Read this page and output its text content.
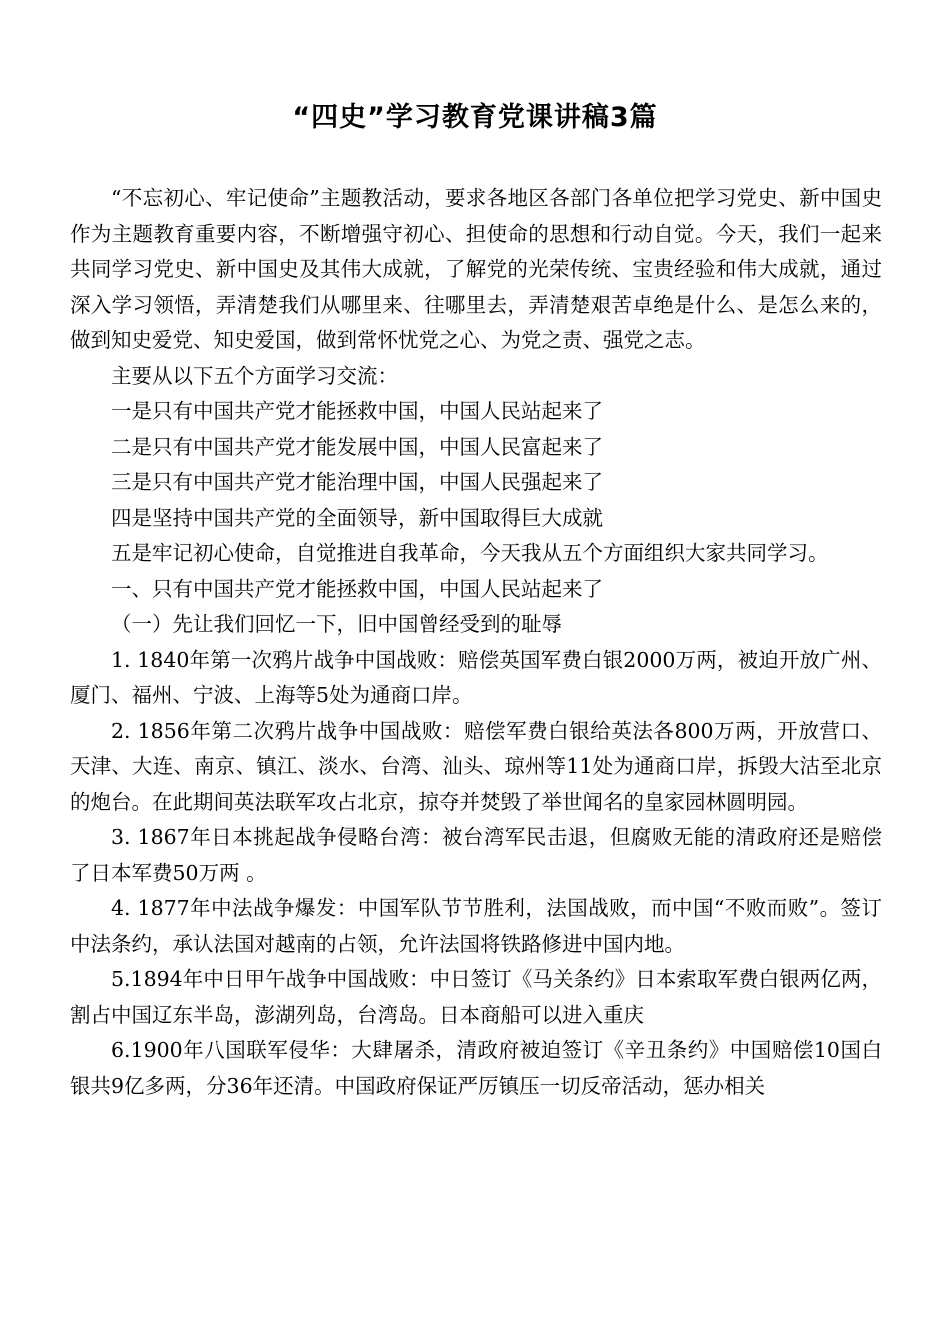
“四史”学习教育党课讲稿3篇

“不忘初心、牢记使命”主题教活动，要求各地区各部门各单位把学习党史、新中国史作为主题教育重要内容，不断增强守初心、担使命的思想和行动自觉。今天，我们一起来共同学习党史、新中国史及其伟大成就，了解党的光荣传统、宝贵经验和伟大成就，通过深入学习领悟，弄清楚我们从哪里来、往哪里去，弄清楚艰苦卓绝是什么、是怎么来的，做到知史爱党、知史爱国，做到常怀忧党之心、为党之责、强党之志。

主要从以下五个方面学习交流：

一是只有中国共产党才能拯救中国，中国人民站起来了

二是只有中国共产党才能发展中国，中国人民富起来了

三是只有中国共产党才能治理中国，中国人民强起来了

四是坚持中国共产党的全面领导，新中国取得巨大成就

五是牢记初心使命，自觉推进自我革命，今天我从五个方面组织大家共同学习。

一、只有中国共产党才能拯救中国，中国人民站起来了

（一）先让我们回忆一下，旧中国曾经受到的耻辱

1. 1840年第一次鸦片战争中国战败：赔偿英国军费白银2000万两，被迫开放广州、厦门、福州、宁波、上海等5处为通商口岸。

2. 1856年第二次鸦片战争中国战败：赔偿军费白银给英法各800万两，开放营口、天津、大连、南京、镇江、淡水、台湾、汕头、琼州等11处为通商口岸，拆毁大沽至北京的炮台。在此期间英法联军攻占北京，掠夺并焚毁了举世闻名的皇家园林圆明园。

3. 1867年日本挑起战争侵略台湾：被台湾军民击退，但腐败无能的清政府还是赔偿了日本军费50万两 。

4. 1877年中法战争爆发：中国军队节节胜利，法国战败，而中国“不败而败”。签订中法条约，承认法国对越南的占领，允许法国将铁路修进中国内地。

5.1894年中日甲午战争中国战败：中日签订《马关条约》日本索取军费白银两亿两，割占中国辽东半岛，澎湖列岛，台湾岛。日本商船可以进入重庆

6.1900年八国联军侵华：大肆屠杀，清政府被迫签订《辛丑条约》中国赔偿10国白银共9亿多两，分36年还清。中国政府保证严厉镇压一切反帝活动，惩办相关
